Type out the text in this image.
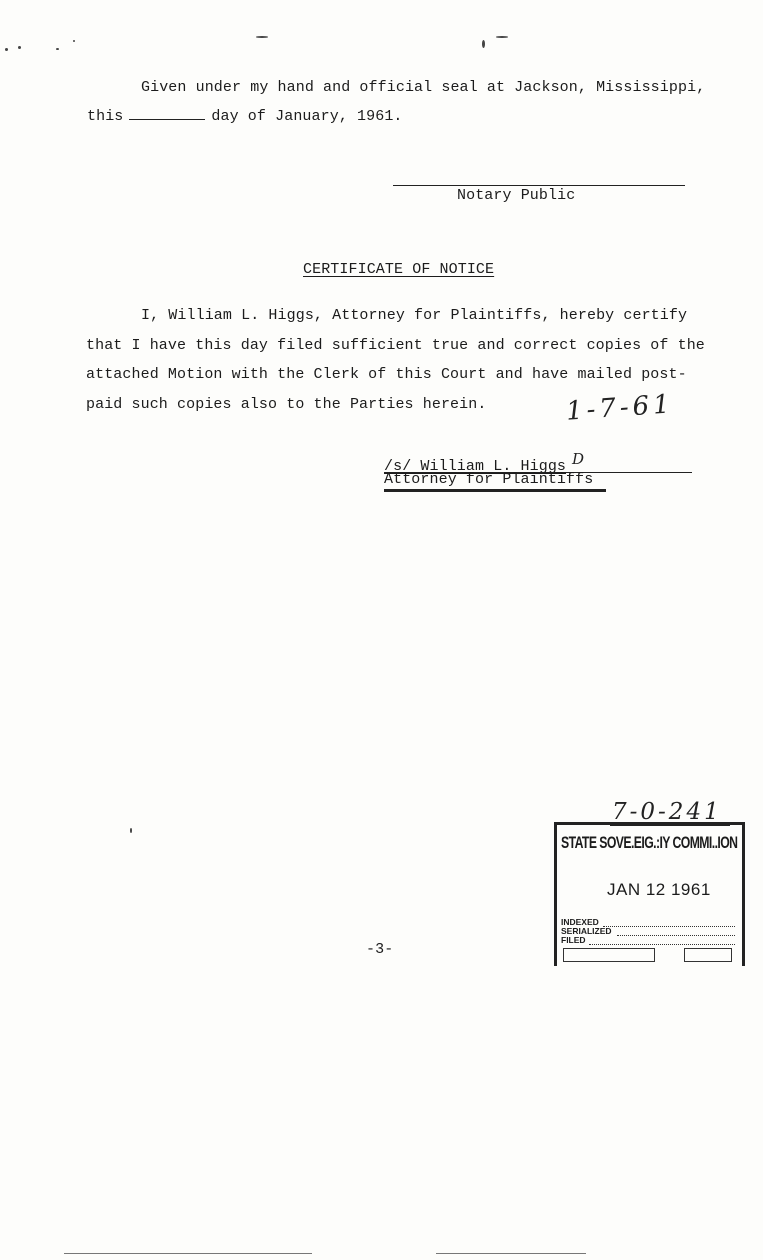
Given under my hand and official seal at Jackson, Mississippi,
this	day of January, 1961.
Notary Public
CERTIFICATE OF NOTICE
I, William L. Higgs, Attorney for Plaintiffs, hereby certify
that I have this day filed sufficient true and correct copies of the
attached Motion with the Clerk of this Court and have mailed post-
paid such copies also to the Parties herein.	1-7-61
/s/ William L. Higgs D
Attorney for Plaintiffs
-3-
7-0-241
STATE SOVE.EIG.:IY COMMI..ION
JAN 12 1961
INDEXED
SERIALIZED
FILED
